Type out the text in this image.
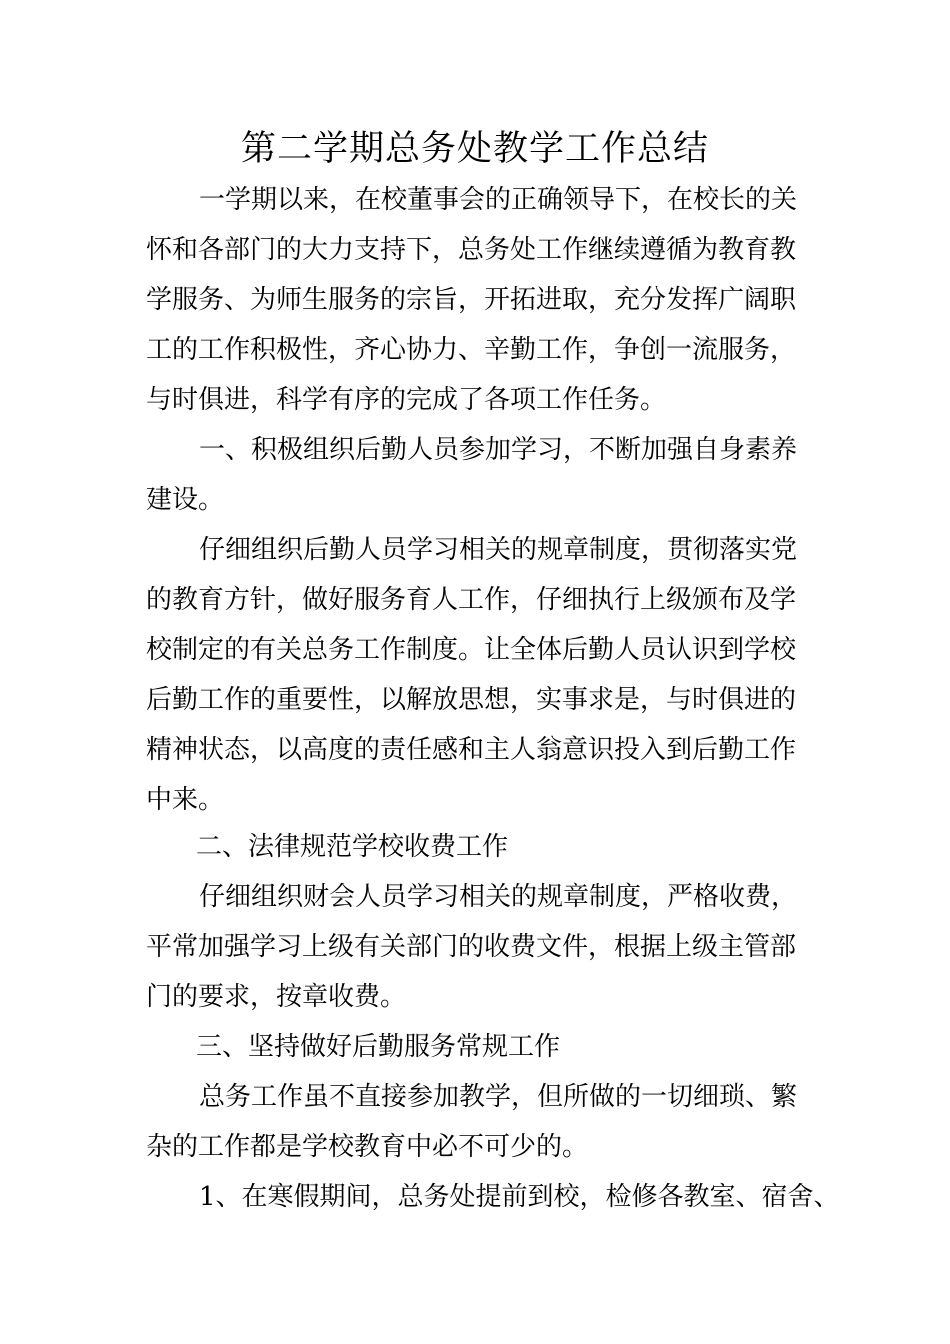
第二学期总务处教学工作总结

一学期以来，在校董事会的正确领导下，在校长的关

怀和各部门的大力支持下，总务处工作继续遵循为教育教

学服务、为师生服务的宗旨，开拓进取，充分发挥广阔职

工的工作积极性，齐心协力、辛勤工作，争创一流服务，

与时俱进，科学有序的完成了各项工作任务。

一、积极组织后勤人员参加学习，不断加强自身素养

建设。

仔细组织后勤人员学习相关的规章制度，贯彻落实党

的教育方针，做好服务育人工作，仔细执行上级颁布及学

校制定的有关总务工作制度。让全体后勤人员认识到学校

后勤工作的重要性，以解放思想，实事求是，与时俱进的

精神状态，以高度的责任感和主人翁意识投入到后勤工作

中来。

二、法律规范学校收费工作

仔细组织财会人员学习相关的规章制度，严格收费，

平常加强学习上级有关部门的收费文件，根据上级主管部

门的要求，按章收费。

三、坚持做好后勤服务常规工作

总务工作虽不直接参加教学，但所做的一切细琐、繁

杂的工作都是学校教育中必不可少的。

1、在寒假期间，总务处提前到校，检修各教室、宿舍、
